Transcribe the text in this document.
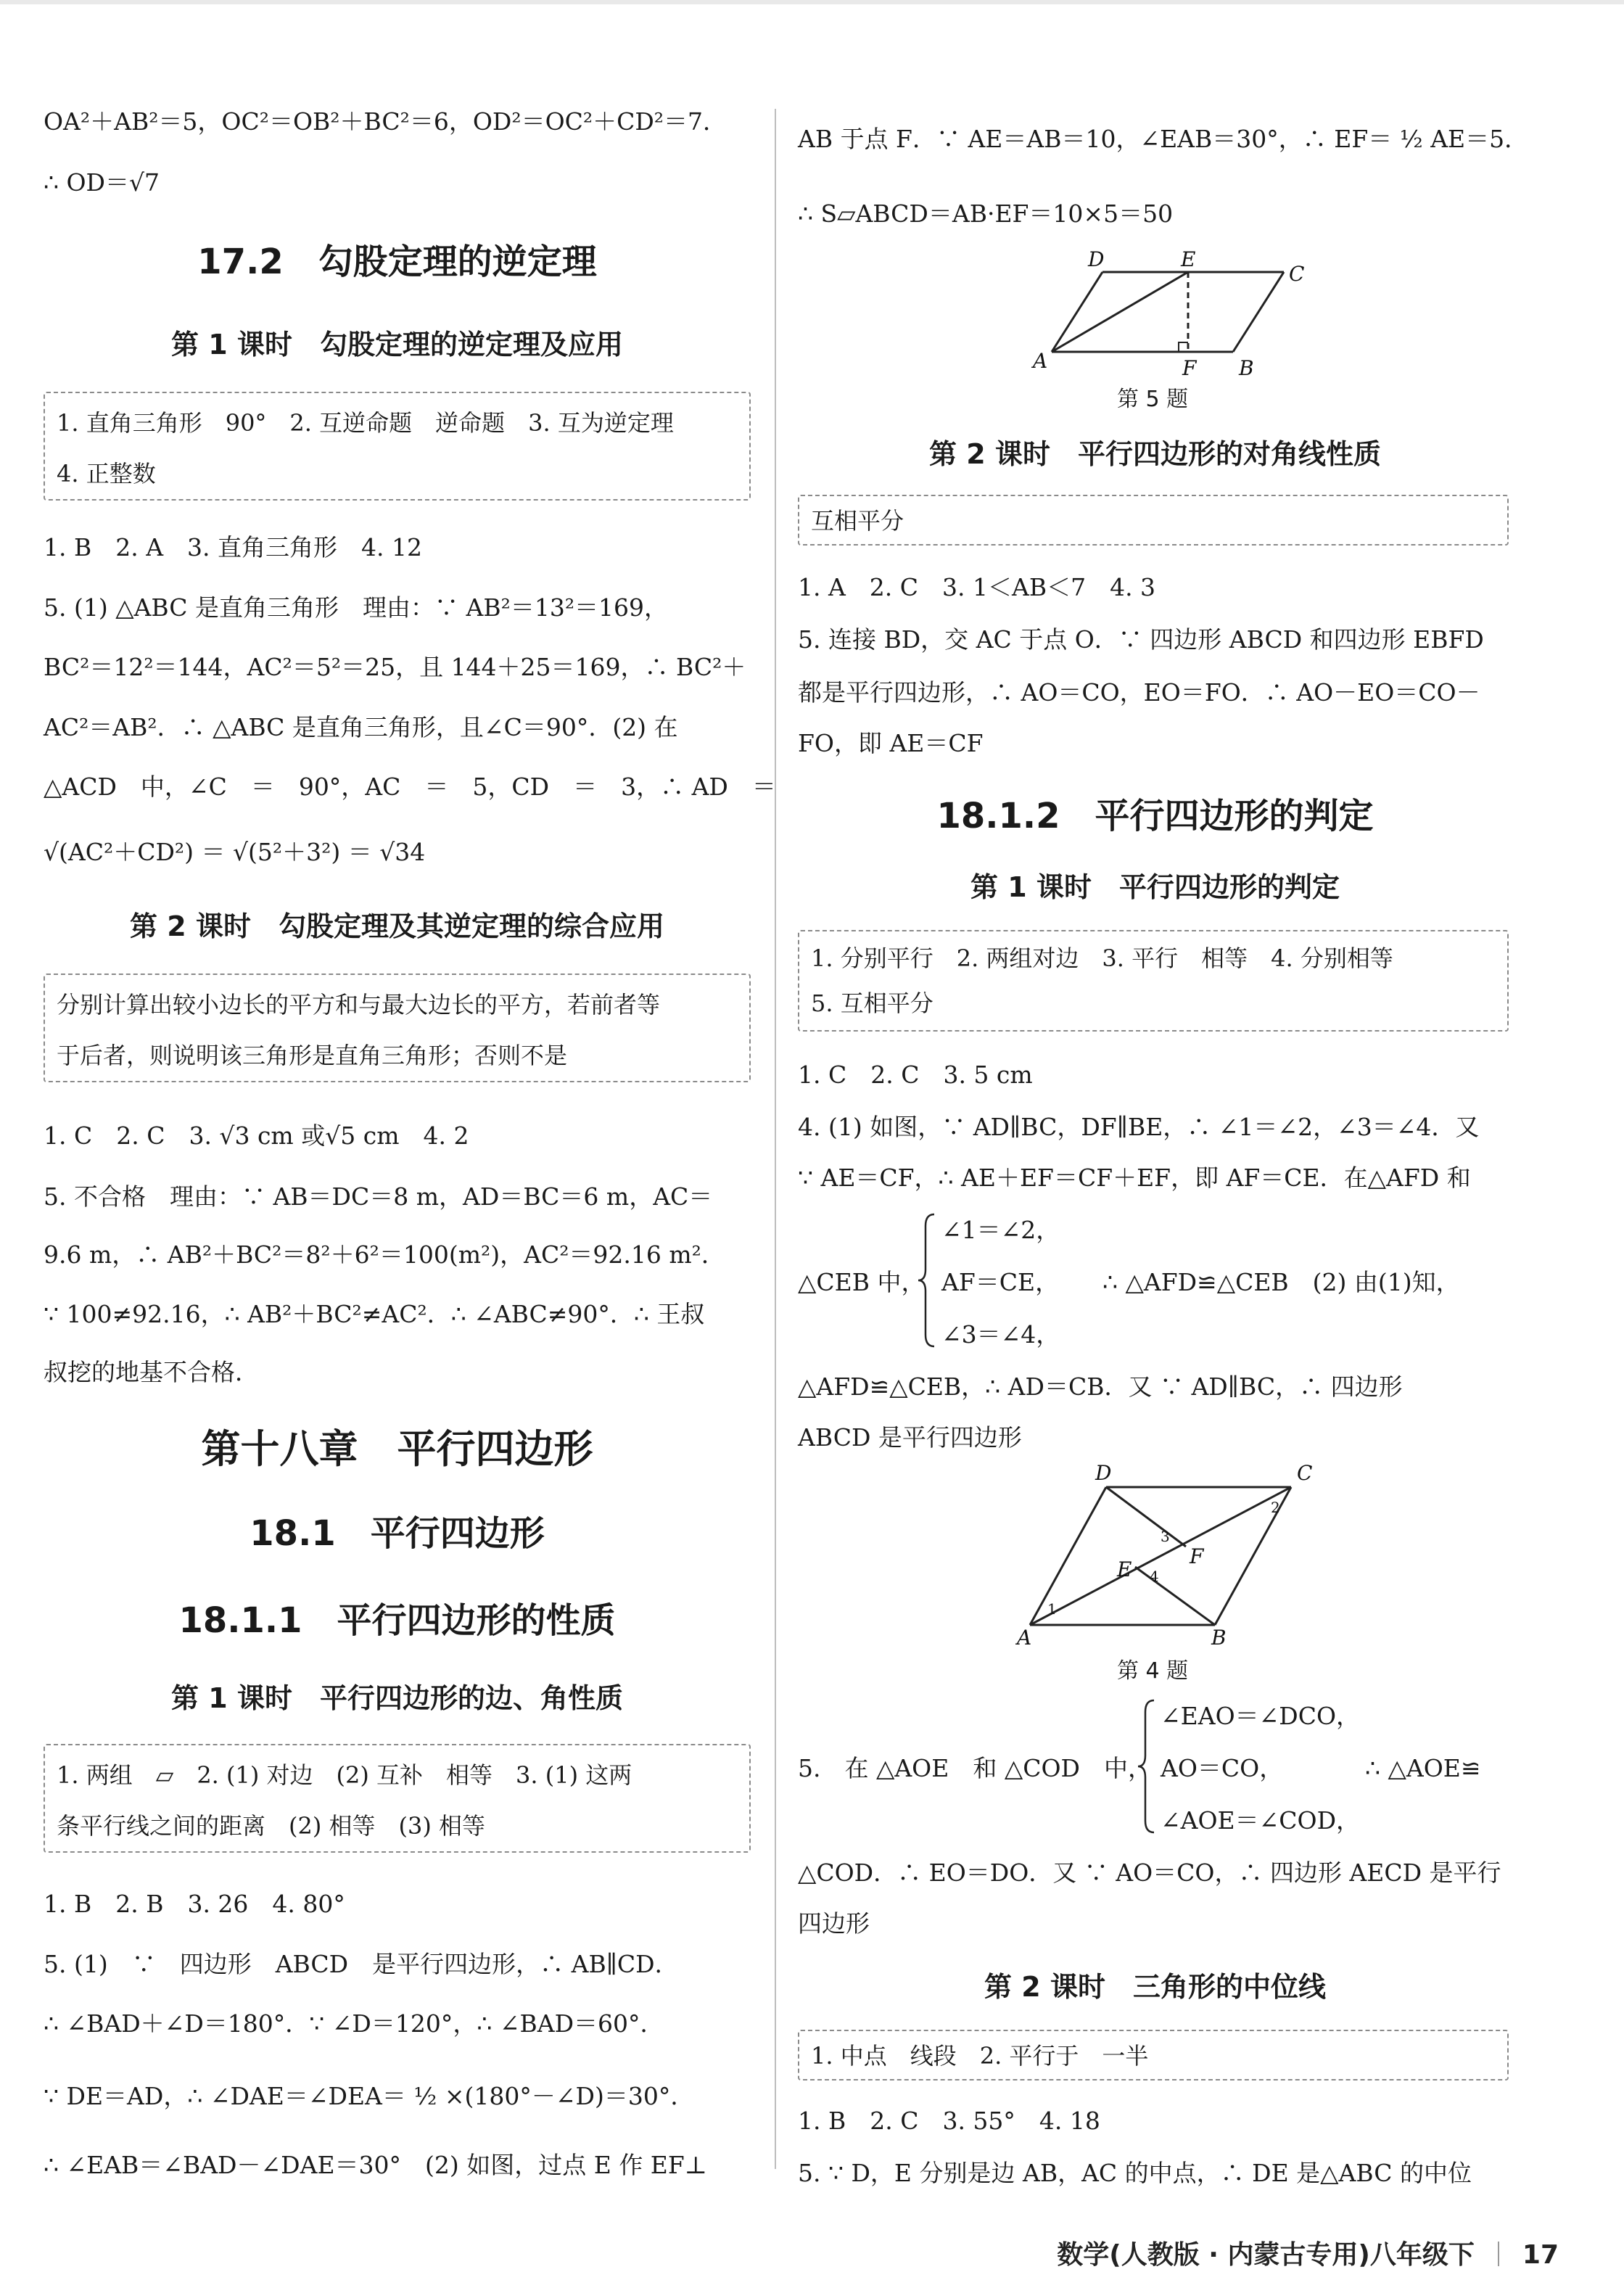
OA²＋AB²＝5，OC²＝OB²＋BC²＝6，OD²＝OC²＋CD²＝7．
∴ OD＝√7
17.2　勾股定理的逆定理
第 1 课时　勾股定理的逆定理及应用
1. 直角三角形　90°　2. 互逆命题　逆命题　3. 互为逆定理
4. 正整数
1. B　2. A　3. 直角三角形　4. 12
5. (1) △ABC 是直角三角形　理由：∵ AB²＝13²＝169，
BC²＝12²＝144，AC²＝5²＝25，且 144＋25＝169，∴ BC²＋
AC²＝AB²．∴ △ABC 是直角三角形，且∠C＝90°．(2) 在
△ACD　中，∠C　＝　90°，AC　＝　5，CD　＝　3，∴ AD　＝
√(AC²＋CD²) ＝ √(5²＋3²) ＝ √34
第 2 课时　勾股定理及其逆定理的综合应用
分别计算出较小边长的平方和与最大边长的平方，若前者等
于后者，则说明该三角形是直角三角形；否则不是
1. C　2. C　3. √3 cm 或√5 cm　4. 2
5. 不合格　理由：∵ AB＝DC＝8 m，AD＝BC＝6 m，AC＝
9.6 m，∴ AB²＋BC²＝8²＋6²＝100(m²)，AC²＝92.16 m²．
∵ 100≠92.16，∴ AB²＋BC²≠AC²．∴ ∠ABC≠90°．∴ 王叔
叔挖的地基不合格．
第十八章　平行四边形
18.1　平行四边形
18.1.1　平行四边形的性质
第 1 课时　平行四边形的边、角性质
1. 两组　▱　2. (1) 对边　(2) 互补　相等　3. (1) 这两
条平行线之间的距离　(2) 相等　(3) 相等
1. B　2. B　3. 26　4. 80°
5. (1)　∵　四边形　ABCD　是平行四边形，∴ AB∥CD．
∴ ∠BAD＋∠D＝180°．∵ ∠D＝120°，∴ ∠BAD＝60°．
∵ DE＝AD，∴ ∠DAE＝∠DEA＝ ½ ×(180°－∠D)＝30°．
∴ ∠EAB＝∠BAD－∠DAE＝30°　(2) 如图，过点 E 作 EF⊥
AB 于点 F．∵ AE＝AB＝10，∠EAB＝30°，∴ EF＝ ½ AE＝5．
∴ S▱ABCD＝AB·EF＝10×5＝50
D	E
C
A	F B
第 5 题
第 2 课时　平行四边形的对角线性质
互相平分
1. A　2. C　3. 1＜AB＜7　4. 3
5. 连接 BD，交 AC 于点 O．∵ 四边形 ABCD 和四边形 EBFD
都是平行四边形，∴ AO＝CO，EO＝FO．∴ AO－EO＝CO－
FO，即 AE＝CF
18.1.2　平行四边形的判定
第 1 课时　平行四边形的判定
1. 分别平行　2. 两组对边　3. 平行　相等　4. 分别相等
5. 互相平分
1. C　2. C　3. 5 cm
4. (1) 如图，∵ AD∥BC，DF∥BE，∴ ∠1＝∠2，∠3＝∠4．又
∵ AE＝CF，∴ AE＋EF＝CF＋EF，即 AF＝CE．在△AFD 和
△CEB 中，
∠1＝∠2，
AF＝CE，
∠3＝∠4，
∴ △AFD≌△CEB　(2) 由(1)知，
△AFD≌△CEB，∴ AD＝CB．又 ∵ AD∥BC，∴ 四边形
ABCD 是平行四边形
D	C
A	B
E
F
1
2
3
4
第 4 题
5.　在 △AOE　和 △COD　中，
∠EAO＝∠DCO，
AO＝CO，
∠AOE＝∠COD，
∴ △AOE≌
△COD．∴ EO＝DO．又 ∵ AO＝CO，∴ 四边形 AECD 是平行
四边形
第 2 课时　三角形的中位线
1. 中点　线段　2. 平行于　一半
1. B　2. C　3. 55°　4. 18
5. ∵ D，E 分别是边 AB，AC 的中点，∴ DE 是△ABC 的中位
数学(人教版 · 内蒙古专用)八年级下 17
